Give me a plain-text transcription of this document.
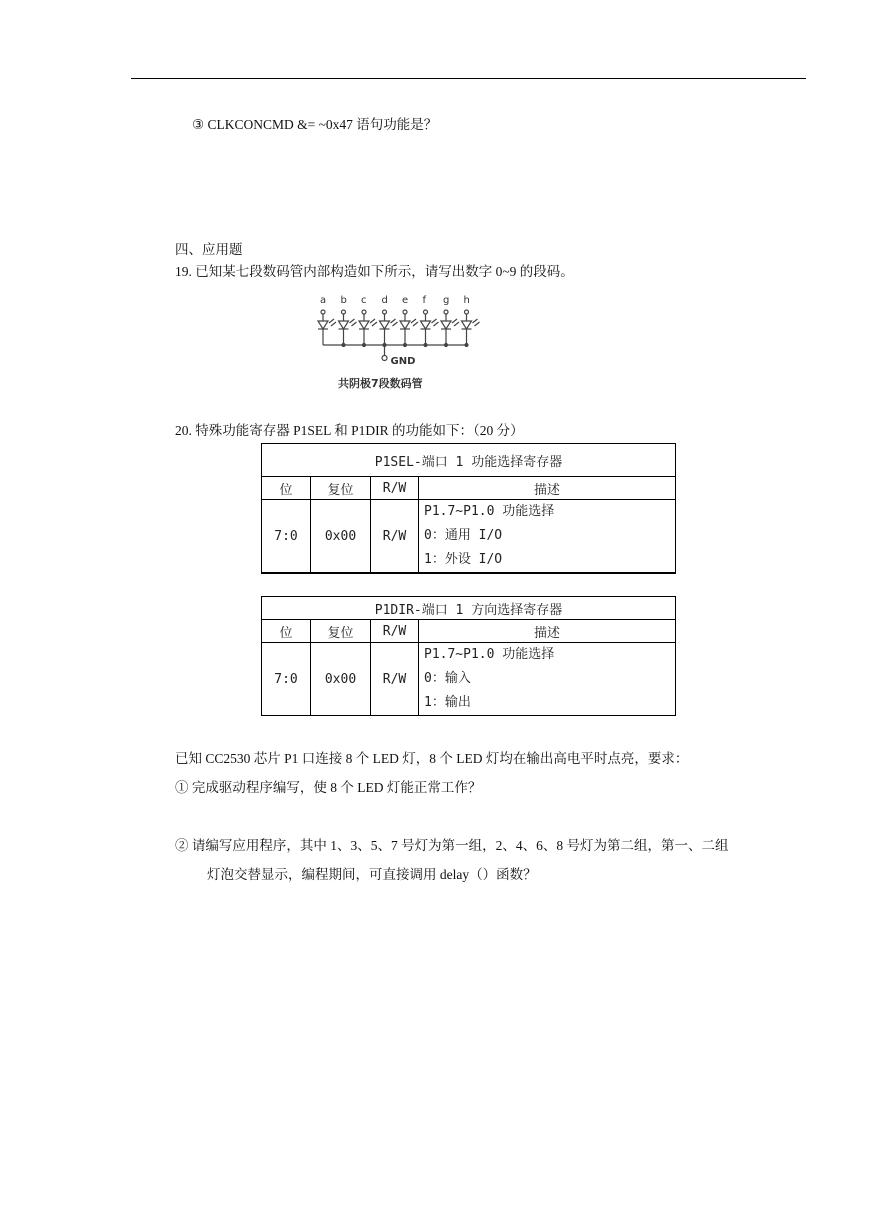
③ CLKCONCMD &= ~0x47 语句功能是？
四、应用题
19. 已知某七段数码管内部构造如下所示，请写出数字 0~9 的段码。
a b c d e f g h
GND
共阴极7段数码管
20. 特殊功能寄存器 P1SEL 和 P1DIR 的功能如下：（20 分）
P1SEL-端口 1 功能选择寄存器			
位	复位	R/W	描述
7:0	0x00	R/W	P1.7~P1.0 功能选择
0：通用 I/O
1：外设 I/O
P1DIR-端口 1 方向选择寄存器			
位	复位	R/W	描述
7:0	0x00	R/W	P1.7~P1.0 功能选择
0：输入
1：输出
已知 CC2530 芯片 P1 口连接 8 个 LED 灯，8 个 LED 灯均在输出高电平时点亮，要求：
① 完成驱动程序编写，使 8 个 LED 灯能正常工作？
② 请编写应用程序，其中 1、3、5、7 号灯为第一组，2、4、6、8 号灯为第二组，第一、二组
灯泡交替显示，编程期间，可直接调用 delay（）函数？
